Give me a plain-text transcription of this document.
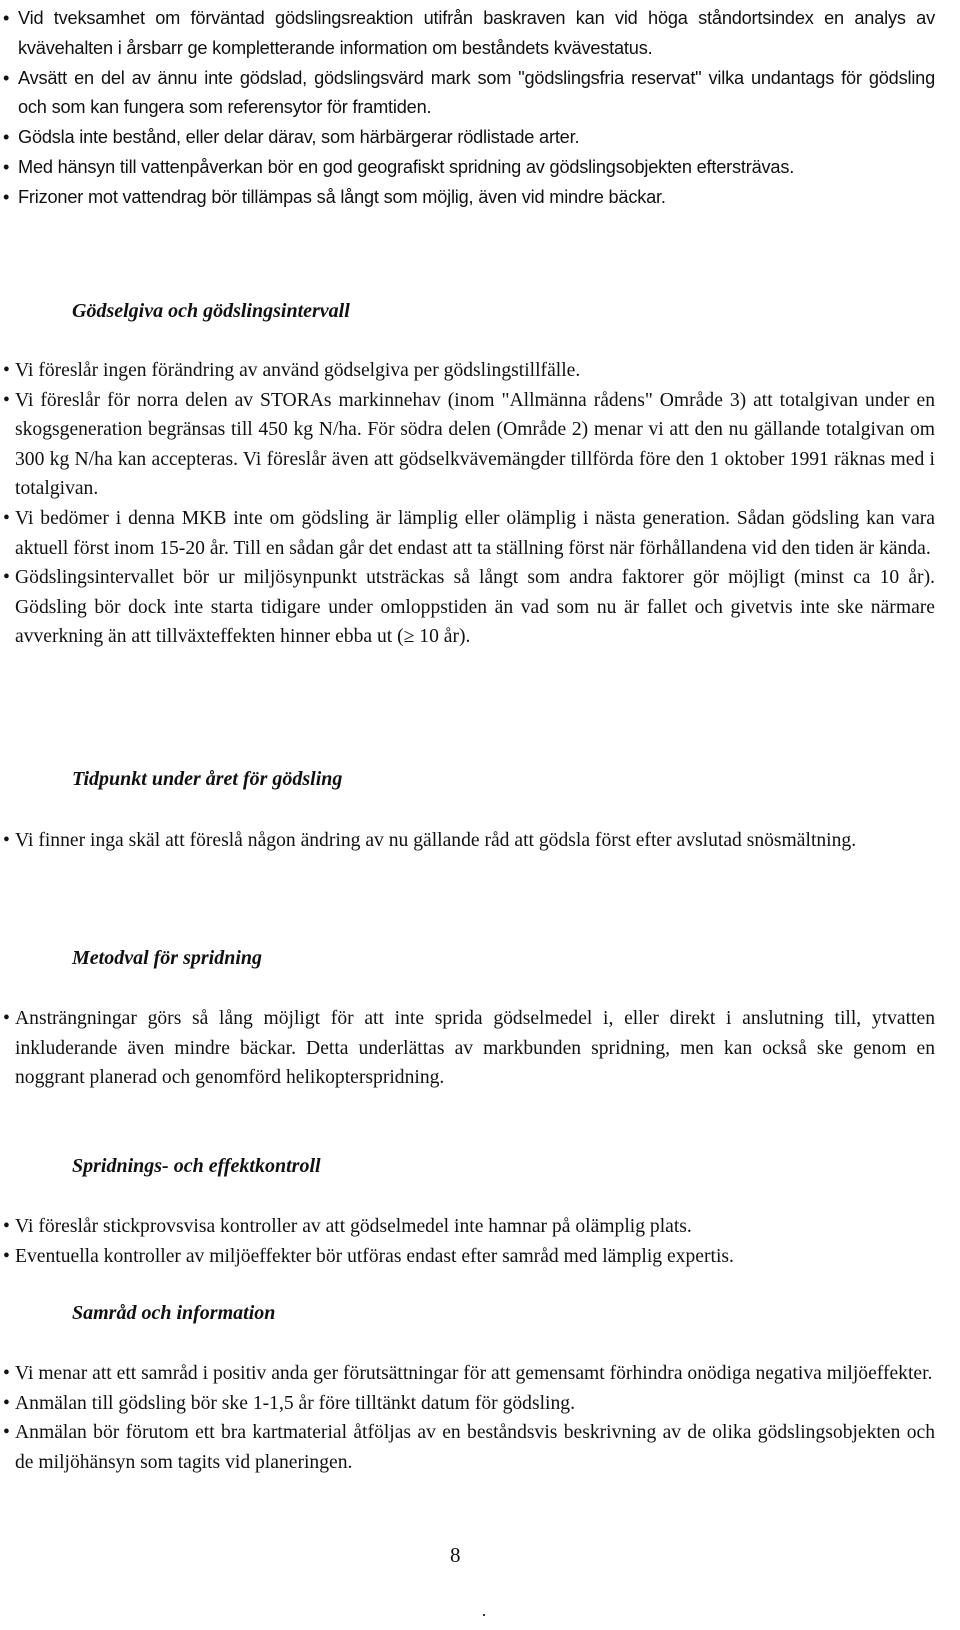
• Vid tveksamhet om förväntad gödslingsreaktion utifrån baskraven kan vid höga ståndortsindex en analys av kvävehalten i årsbarr ge kompletterande information om beståndets kvävestatus.

• Avsätt en del av ännu inte gödslad, gödslingsvärd mark som "gödslingsfria reservat" vilka undantags för gödsling och som kan fungera som referensytor för framtiden.

• Gödsla inte bestånd, eller delar därav, som härbärgerar rödlistade arter.

• Med hänsyn till vattenpåverkan bör en god geografiskt spridning av gödslingsobjekten eftersträvas.

• Frizoner mot vattendrag bör tillämpas så långt som möjlig, även vid mindre bäckar.

Gödselgiva och gödslingsintervall

• Vi föreslår ingen förändring av använd gödselgiva per gödslingstillfälle.

• Vi föreslår för norra delen av STORAs markinnehav (inom "Allmänna rådens" Område 3) att totalgivan under en skogsgeneration begränsas till 450 kg N/ha. För södra delen (Område 2) menar vi att den nu gällande totalgivan om 300 kg N/ha kan accepteras. Vi föreslår även att gödselkvävemängder tillförda före den 1 oktober 1991 räknas med i totalgivan.

• Vi bedömer i denna MKB inte om gödsling är lämplig eller olämplig i nästa generation. Sådan gödsling kan vara aktuell först inom 15-20 år. Till en sådan går det endast att ta ställning först när förhållandena vid den tiden är kända.

• Gödslingsintervallet bör ur miljösynpunkt utsträckas så långt som andra faktorer gör möjligt (minst ca 10 år). Gödsling bör dock inte starta tidigare under omloppstiden än vad som nu är fallet och givetvis inte ske närmare avverkning än att tillväxteffekten hinner ebba ut (≥ 10 år).

Tidpunkt under året för gödsling

• Vi finner inga skäl att föreslå någon ändring av nu gällande råd att gödsla först efter avslutad snösmältning.

Metodval för spridning

• Ansträngningar görs så lång möjligt för att inte sprida gödselmedel i, eller direkt i anslutning till, ytvatten inkluderande även mindre bäckar. Detta underlättas av markbunden spridning, men kan också ske genom en noggrant planerad och genomförd helikopterspridning.

Spridnings- och effektkontroll

• Vi föreslår stickprovsvisa kontroller av att gödselmedel inte hamnar på olämplig plats.

• Eventuella kontroller av miljöeffekter bör utföras endast efter samråd med lämplig expertis.

Samråd och information

• Vi menar att ett samråd i positiv anda ger förutsättningar för att gemensamt förhindra onödiga negativa miljöeffekter.

• Anmälan till gödsling bör ske 1-1,5 år före tilltänkt datum för gödsling.

• Anmälan bör förutom ett bra kartmaterial åtföljas av en beståndsvis beskrivning av de olika gödslingsobjekten och de miljöhänsyn som tagits vid planeringen.

8
